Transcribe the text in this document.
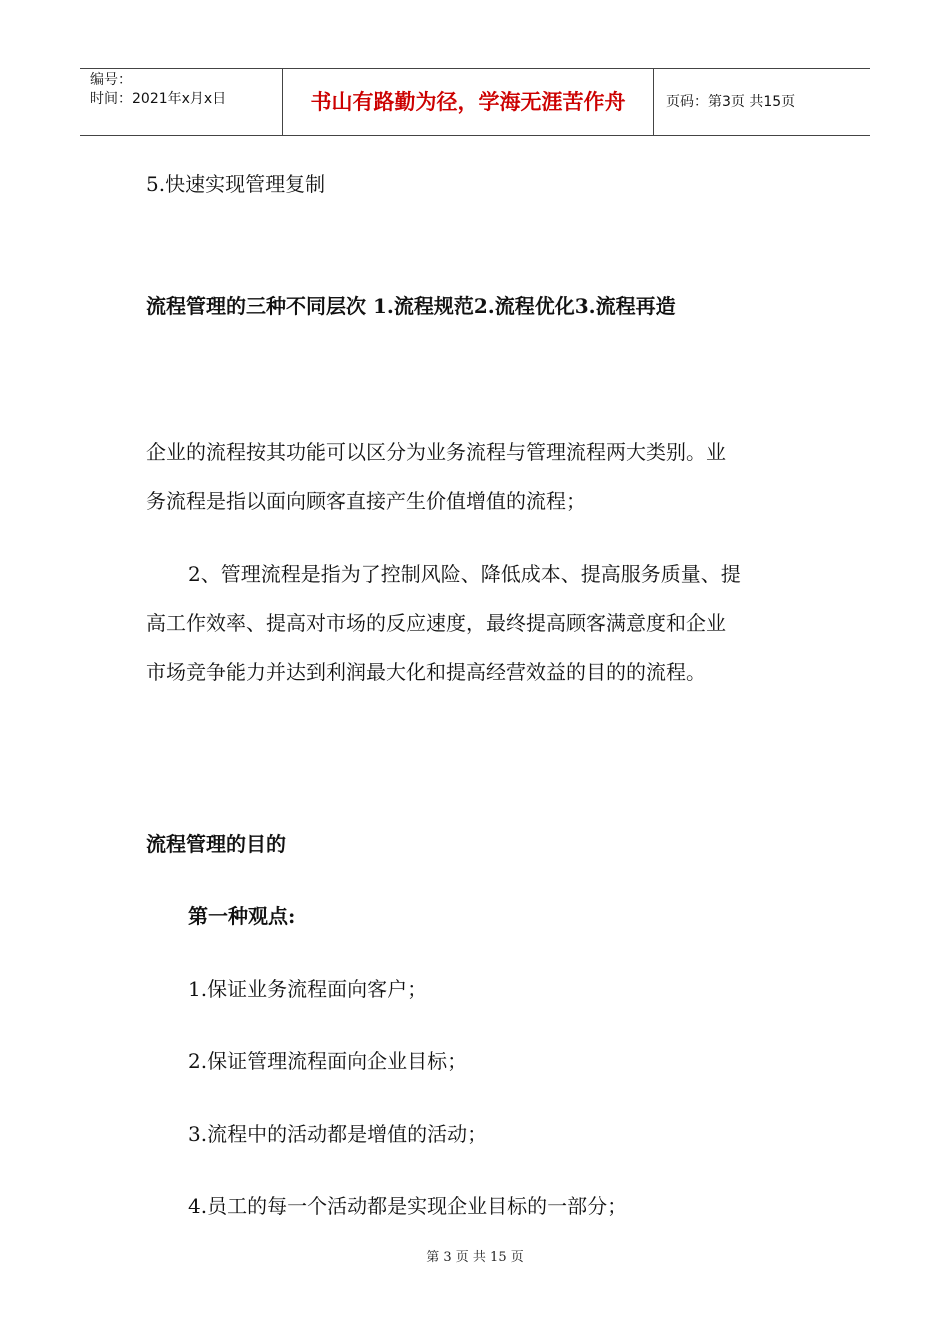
编号：
时间：2021年x月x日	书山有路勤为径，学海无涯苦作舟	页码：第3页 共15页
5.快速实现管理复制
流程管理的三种不同层次 1.流程规范2.流程优化3.流程再造
企业的流程按其功能可以区分为业务流程与管理流程两大类别。业
务流程是指以面向顾客直接产生价值增值的流程；
2、管理流程是指为了控制风险、降低成本、提高服务质量、提
高工作效率、提高对市场的反应速度，最终提高顾客满意度和企业
市场竞争能力并达到利润最大化和提高经营效益的目的的流程。
流程管理的目的
第一种观点:
1.保证业务流程面向客户；
2.保证管理流程面向企业目标；
3.流程中的活动都是增值的活动；
4.员工的每一个活动都是实现企业目标的一部分；
第 3 页 共 15 页
